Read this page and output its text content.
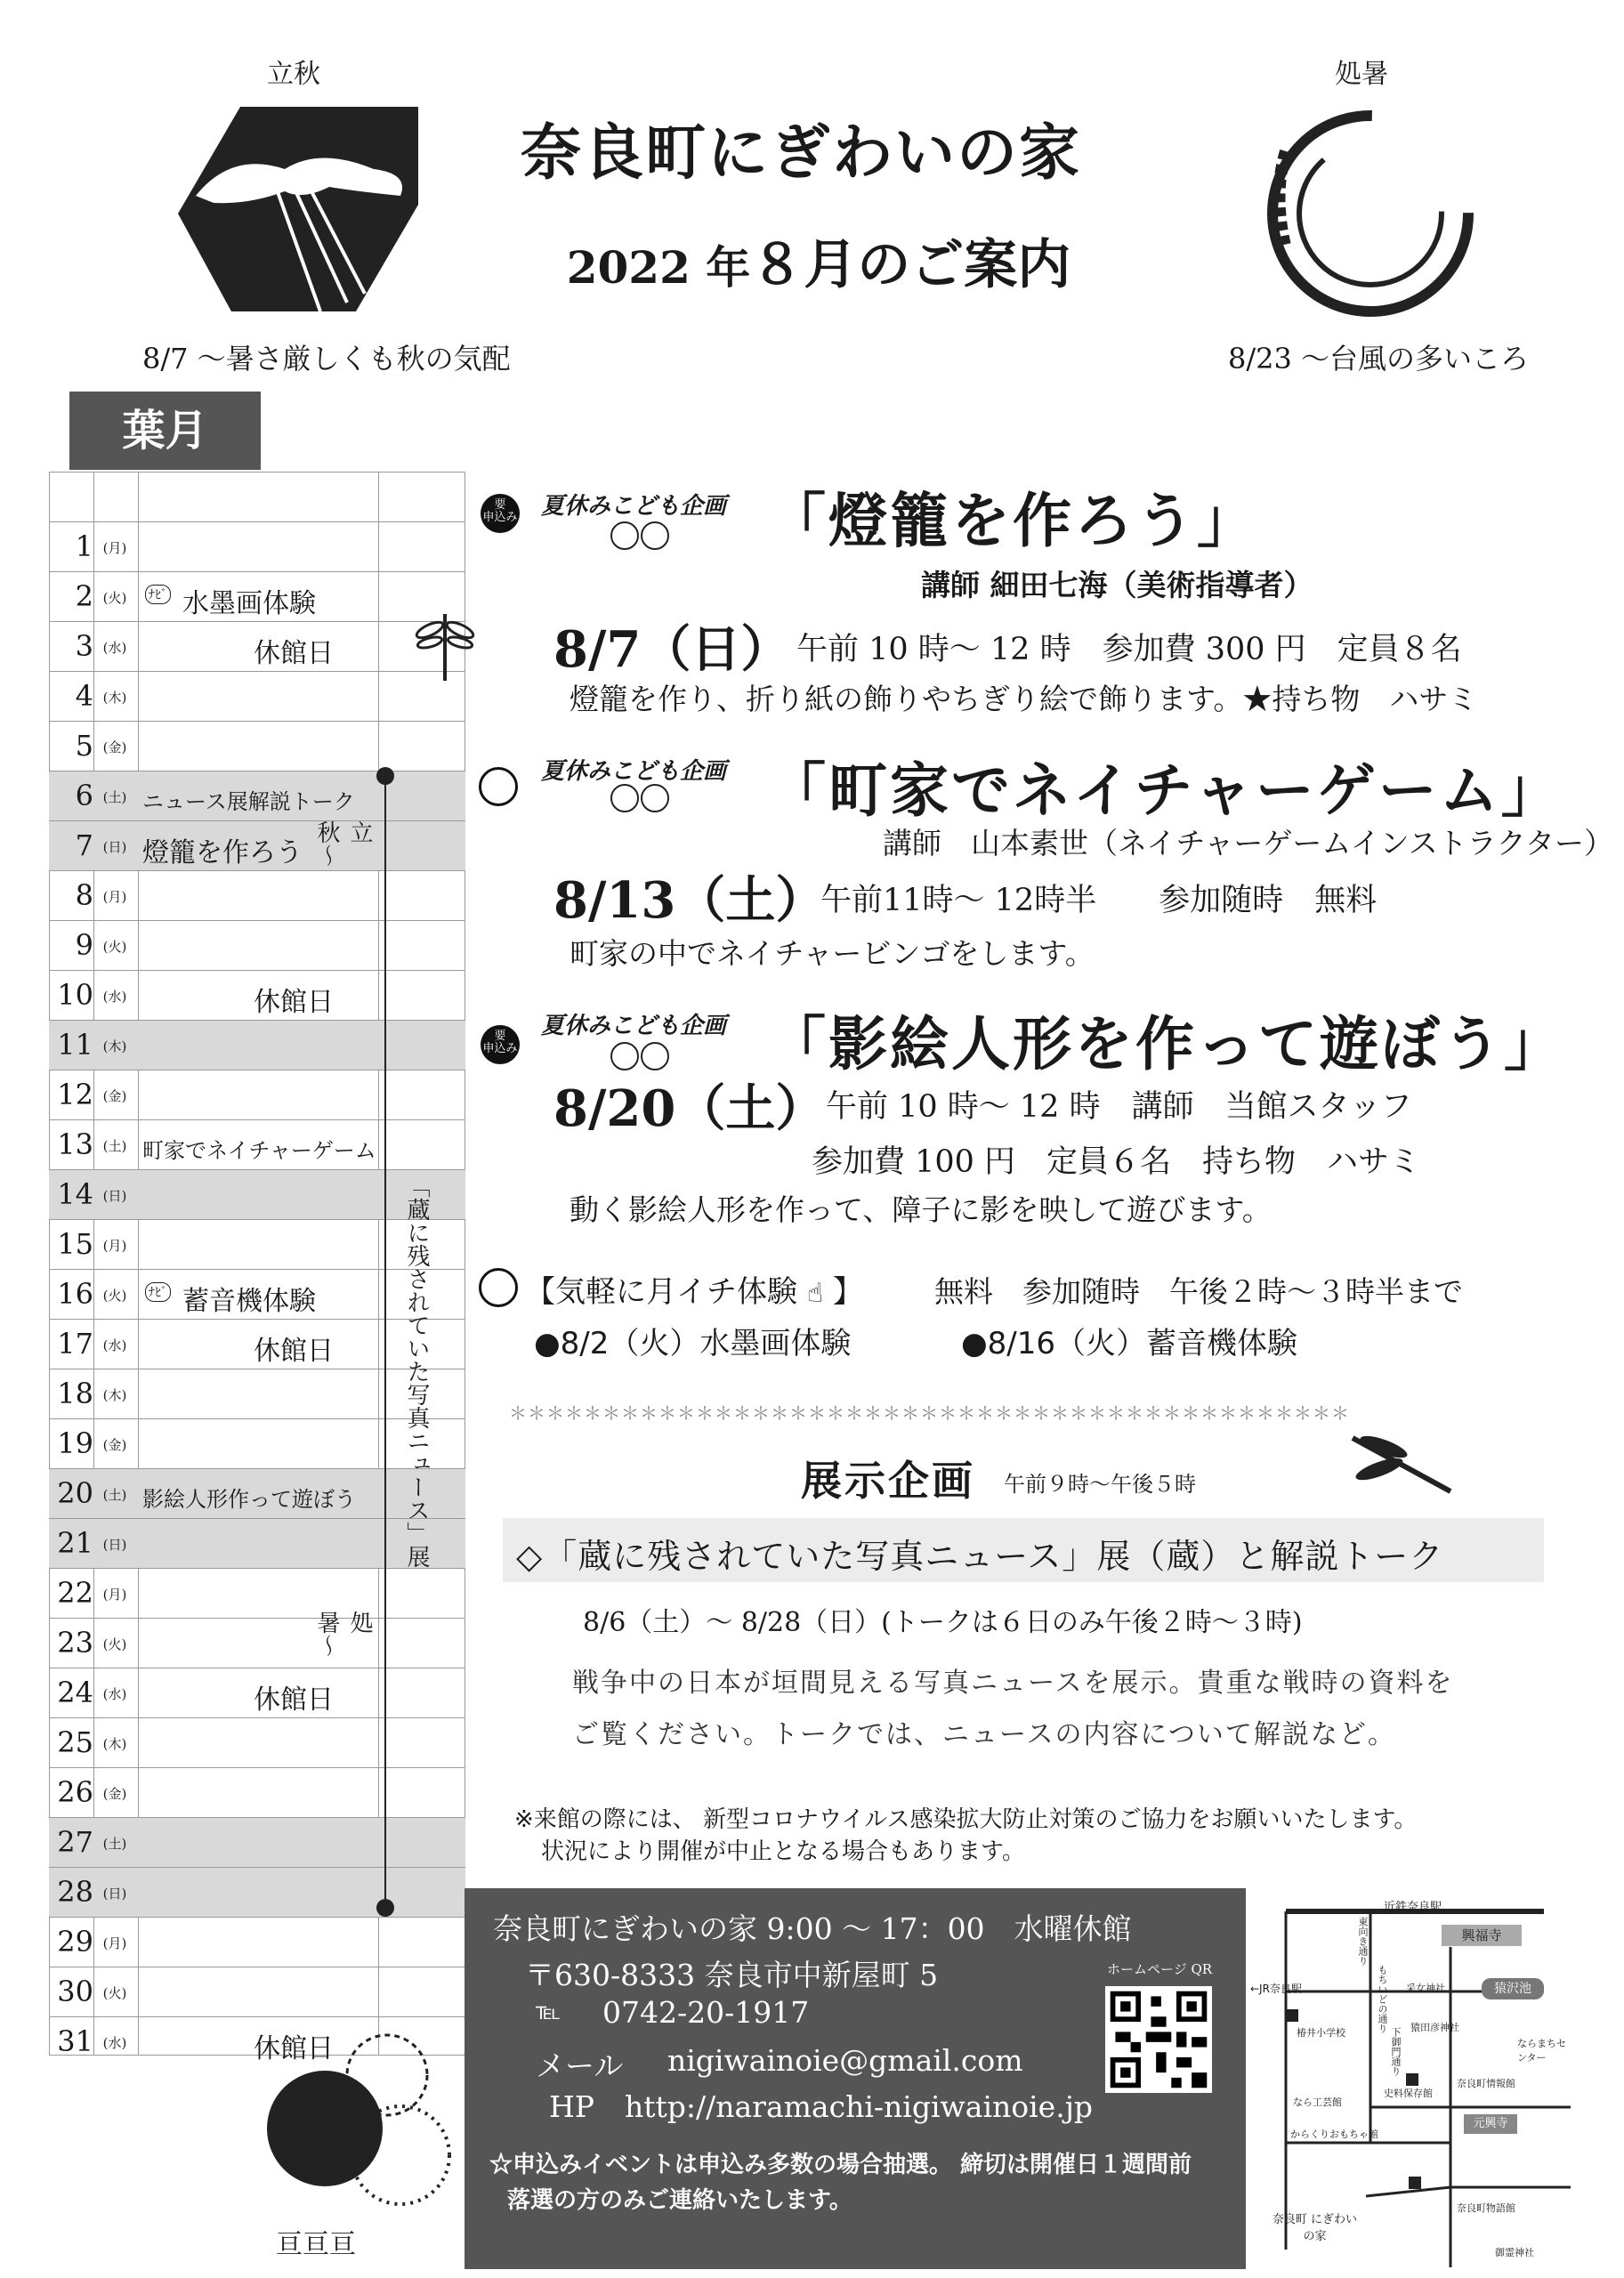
立秋
8/7 ～暑さ厳しくも秋の気配
奈良町にぎわいの家
2022 年８月のご案内
処暑
8/23 ～台風の多いころ
葉月
1 (月)
2 (火)	ﾅﾋﾞ 水墨画体験
3 (水)	休館日
4 (木)
5 (金)
6 (土) ニュース展解説トーク
7 (日) 燈籠を作ろう
8 (月)
9 (火)
10 (水)	休館日
11 (木)
12 (金)
13 (土) 町家でネイチャーゲーム
14 (日)
15 (月)
16 (火)	ﾅﾋﾞ 蓄音機体験
17 (水)	休館日
18 (木)
19 (金)
20 (土) 影絵人形作って遊ぼう
21 (日)
22 (月)
23 (火)
24 (水)	休館日
25 (木)
26 (金)
27 (土)
28 (日)
29 (月)
30 (火)
31 (水)	休館日
立秋〜
処暑〜
「蔵に残されていた写真ニュース」展
亘亘亘
要
申込み 夏休みこども企画 「燈籠を作ろう」
講師 細田七海（美術指導者）
8/7（日） 午前 10 時～ 12 時　参加費 300 円　定員８名
燈籠を作り、折り紙の飾りやちぎり絵で飾ります。★持ち物　ハサミ
夏休みこども企画 「町家でネイチャーゲーム」
講師　山本素世（ネイチャーゲームインストラクター）
8/13（土）
午前11時～ 12時半　　参加随時　無料
町家の中でネイチャービンゴをします。
要
申込み
夏休みこども企画 「影絵人形を作って遊ぼう」
8/20（土） 午前 10 時～ 12 時　講師　当館スタッフ
参加費 100 円　定員６名　持ち物　ハサミ
動く影絵人形を作って、障子に影を映して遊びます。
【気軽に月イチ体験 ☝ 】 無料　参加随時　午後２時～３時半まで
●8/2（火）水墨画体験	●8/16（火）蓄音機体験
＊＊＊＊＊＊＊＊＊＊＊＊＊＊＊＊＊＊＊＊＊＊＊＊＊＊＊＊＊＊＊＊＊＊＊＊＊＊＊＊＊＊＊＊＊
展示企画 午前９時～午後５時
◇「蔵に残されていた写真ニュース」展（蔵）と解説トーク
8/6（土）～ 8/28（日）(トークは６日のみ午後２時～３時)
戦争中の日本が垣間見える写真ニュースを展示。貴重な戦時の資料を
ご覧ください。トークでは、ニュースの内容について解説など。
※来館の際には、 新型コロナウイルス感染拡大防止対策のご協力をお願いいたします。
状況により開催が中止となる場合もあります。
奈良町にぎわいの家 9:00 ～ 17：00　水曜休館
〒630-8333 奈良市中新屋町 5
℡ 0742-20-1917
メール nigiwainoie@gmail.com
HP http://naramachi-nigiwainoie.jp
ホームページ QR
☆申込みイベントは申込み多数の場合抽選。 締切は開催日１週間前
落選の方のみご連絡いたします。
近鉄奈良駅
興福寺
猿沢池
←JR奈良駅
東向き通り
もちいどの通り 采女神社
椿井小学校	猿田彦神社
下御門通り	ならまちセンター
なら工芸館
史料保存館
奈良町情報館
からくりおもちゃ館
元興寺
奈良町 にぎわいの家
奈良町物語館
御霊神社
